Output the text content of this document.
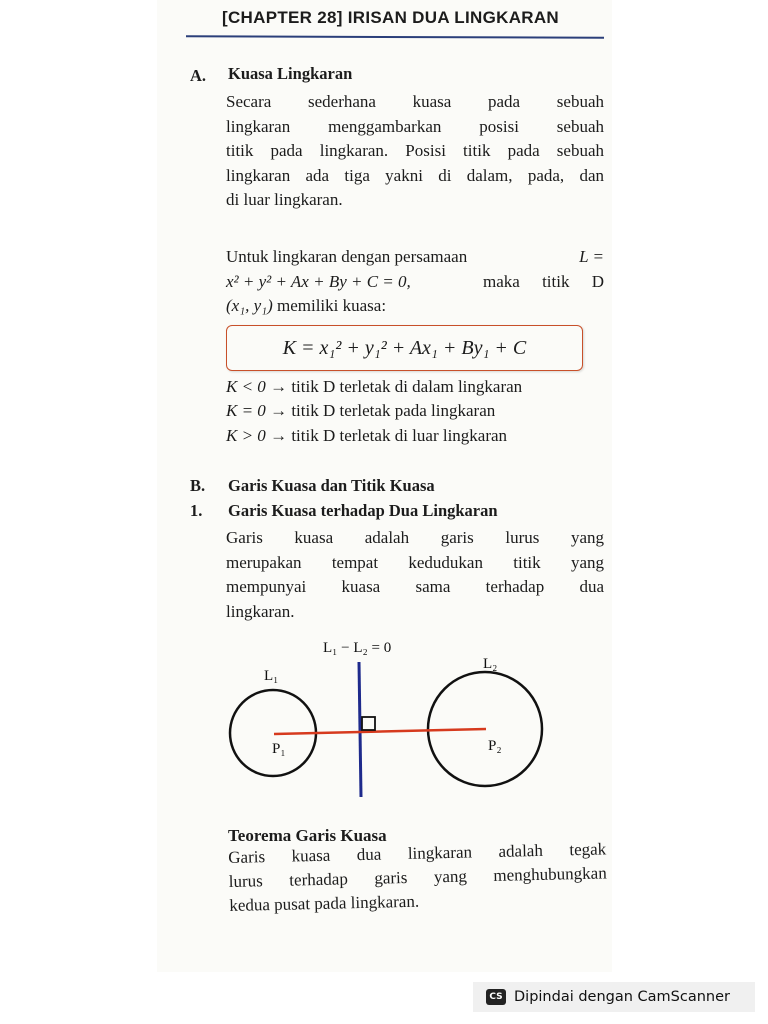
[CHAPTER 28] IRISAN DUA LINGKARAN
A. Kuasa Lingkaran
Secara sederhana kuasa pada sebuah
lingkaran menggambarkan posisi sebuah
titik pada lingkaran. Posisi titik pada sebuah
lingkaran ada tiga yakni di dalam, pada, dan
di luar lingkaran.
Untuk lingkaran dengan persamaan	L =
x² + y² + Ax + By + C = 0,	maka titik D
(x₁, y₁) memiliki kuasa:
K = x₁² + y₁² + Ax₁ + By₁ + C
K < 0 → titik D terletak di dalam lingkaran
K = 0 → titik D terletak pada lingkaran
K > 0 → titik D terletak di luar lingkaran
B. Garis Kuasa dan Titik Kuasa
1. Garis Kuasa terhadap Dua Lingkaran
Garis kuasa adalah garis lurus yang
merupakan tempat kedudukan titik yang
mempunyai kuasa sama terhadap dua
lingkaran.
L₁ − L₂ = 0
L₁
L₂
P₁	P₂
Teorema Garis Kuasa
Garis kuasa dua lingkaran adalah tegak
lurus terhadap garis yang menghubungkan
kedua pusat pada lingkaran.
CS Dipindai dengan CamScanner
